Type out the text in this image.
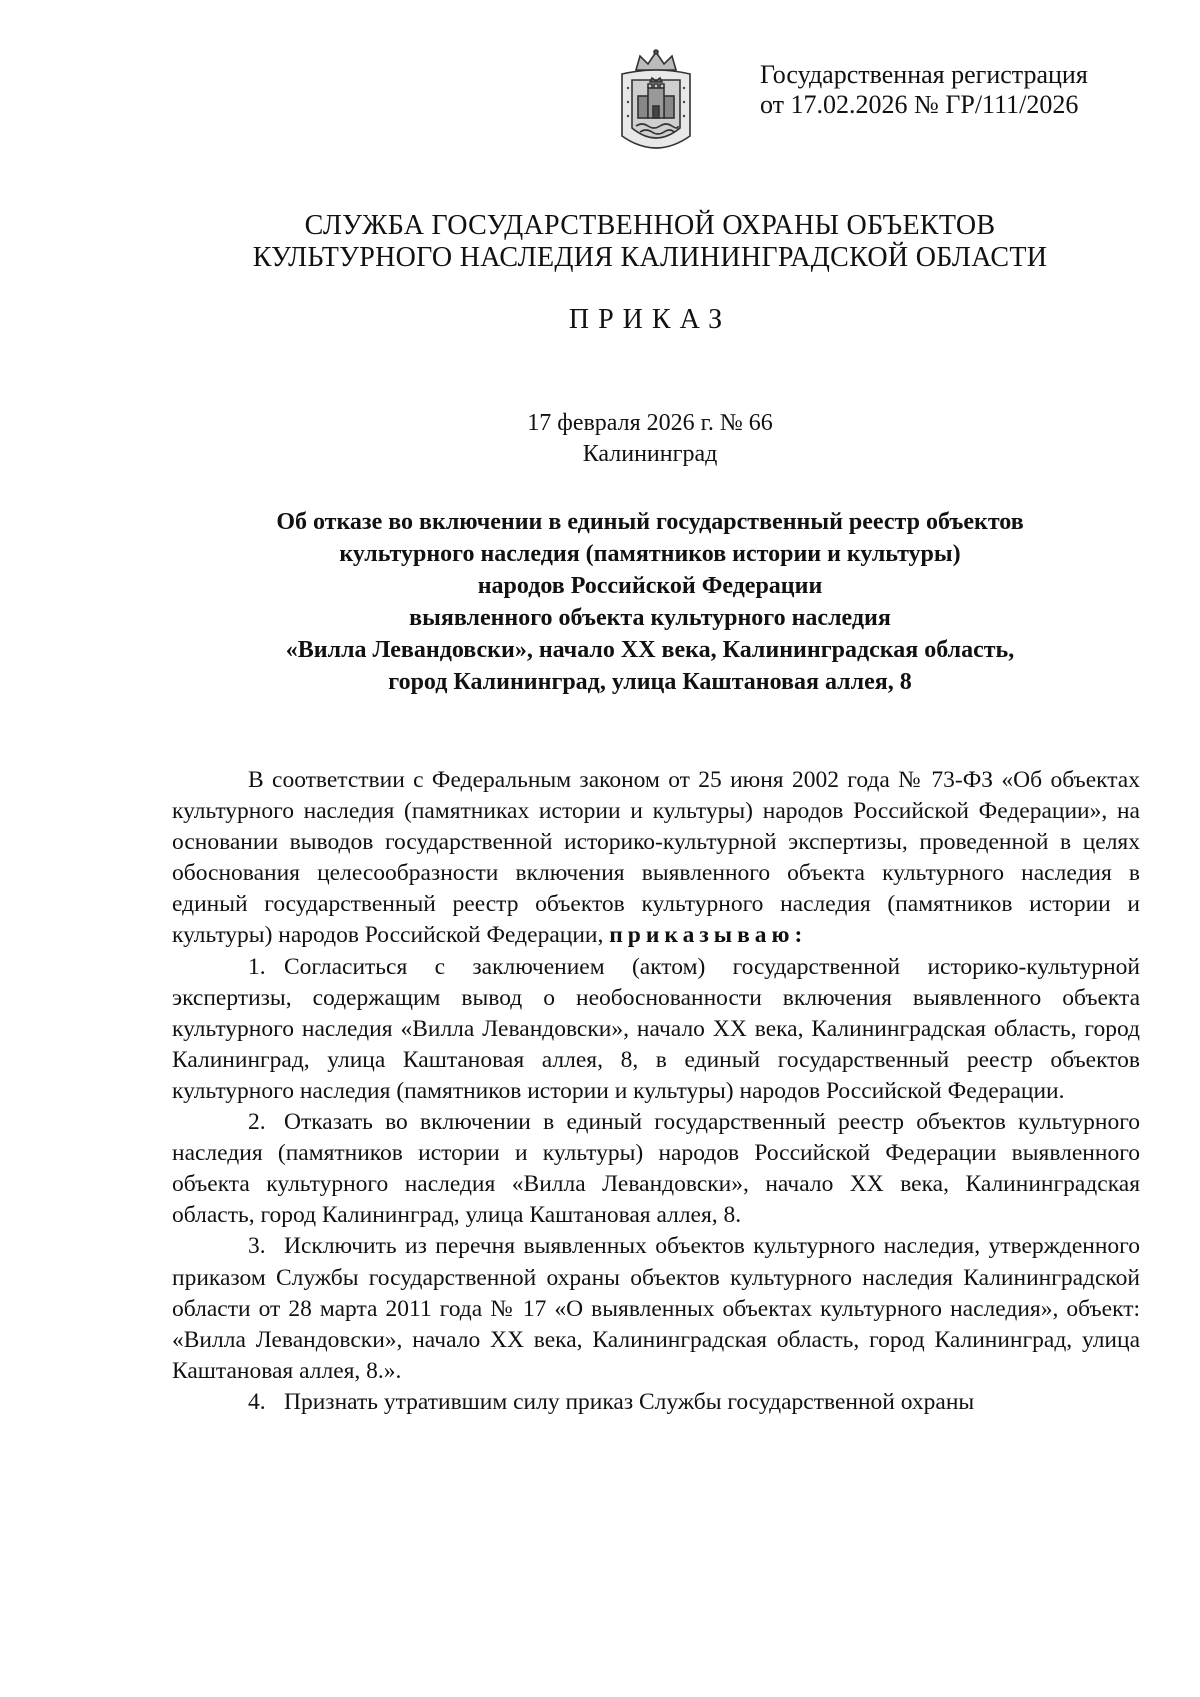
Государственная регистрация
от 17.02.2026 № ГР/111/2026
СЛУЖБА ГОСУДАРСТВЕННОЙ ОХРАНЫ ОБЪЕКТОВ
КУЛЬТУРНОГО НАСЛЕДИЯ КАЛИНИНГРАДСКОЙ ОБЛАСТИ
ПРИКАЗ
17 февраля 2026 г. № 66
Калининград
Об отказе во включении в единый государственный реестр объектов
культурного наследия (памятников истории и культуры)
народов Российской Федерации
выявленного объекта культурного наследия
«Вилла Левандовски», начало XX века, Калининградская область,
город Калининград, улица Каштановая аллея, 8

В соответствии с Федеральным законом от 25 июня 2002 года № 73-ФЗ «Об объектах культурного наследия (памятниках истории и культуры) народов Российской Федерации», на основании выводов государственной историко-культурной экспертизы, проведенной в целях обоснования целесообразности включения выявленного объекта культурного наследия в единый государственный реестр объектов культурного наследия (памятников истории и культуры) народов Российской Федерации, приказываю:

1. Согласиться с заключением (актом) государственной историко-культурной экспертизы, содержащим вывод о необоснованности включения выявленного объекта культурного наследия «Вилла Левандовски», начало XX века, Калининградская область, город Калининград, улица Каштановая аллея, 8, в единый государственный реестр объектов культурного наследия (памятников истории и культуры) народов Российской Федерации.

2. Отказать во включении в единый государственный реестр объектов культурного наследия (памятников истории и культуры) народов Российской Федерации выявленного объекта культурного наследия «Вилла Левандовски», начало XX века, Калининградская область, город Калининград, улица Каштановая аллея, 8.

3. Исключить из перечня выявленных объектов культурного наследия, утвержденного приказом Службы государственной охраны объектов культурного наследия Калининградской области от 28 марта 2011 года № 17 «О выявленных объектах культурного наследия», объект: «Вилла Левандовски», начало XX века, Калининградская область, город Калининград, улица Каштановая аллея, 8.».

4. Признать утратившим силу приказ Службы государственной охраны
